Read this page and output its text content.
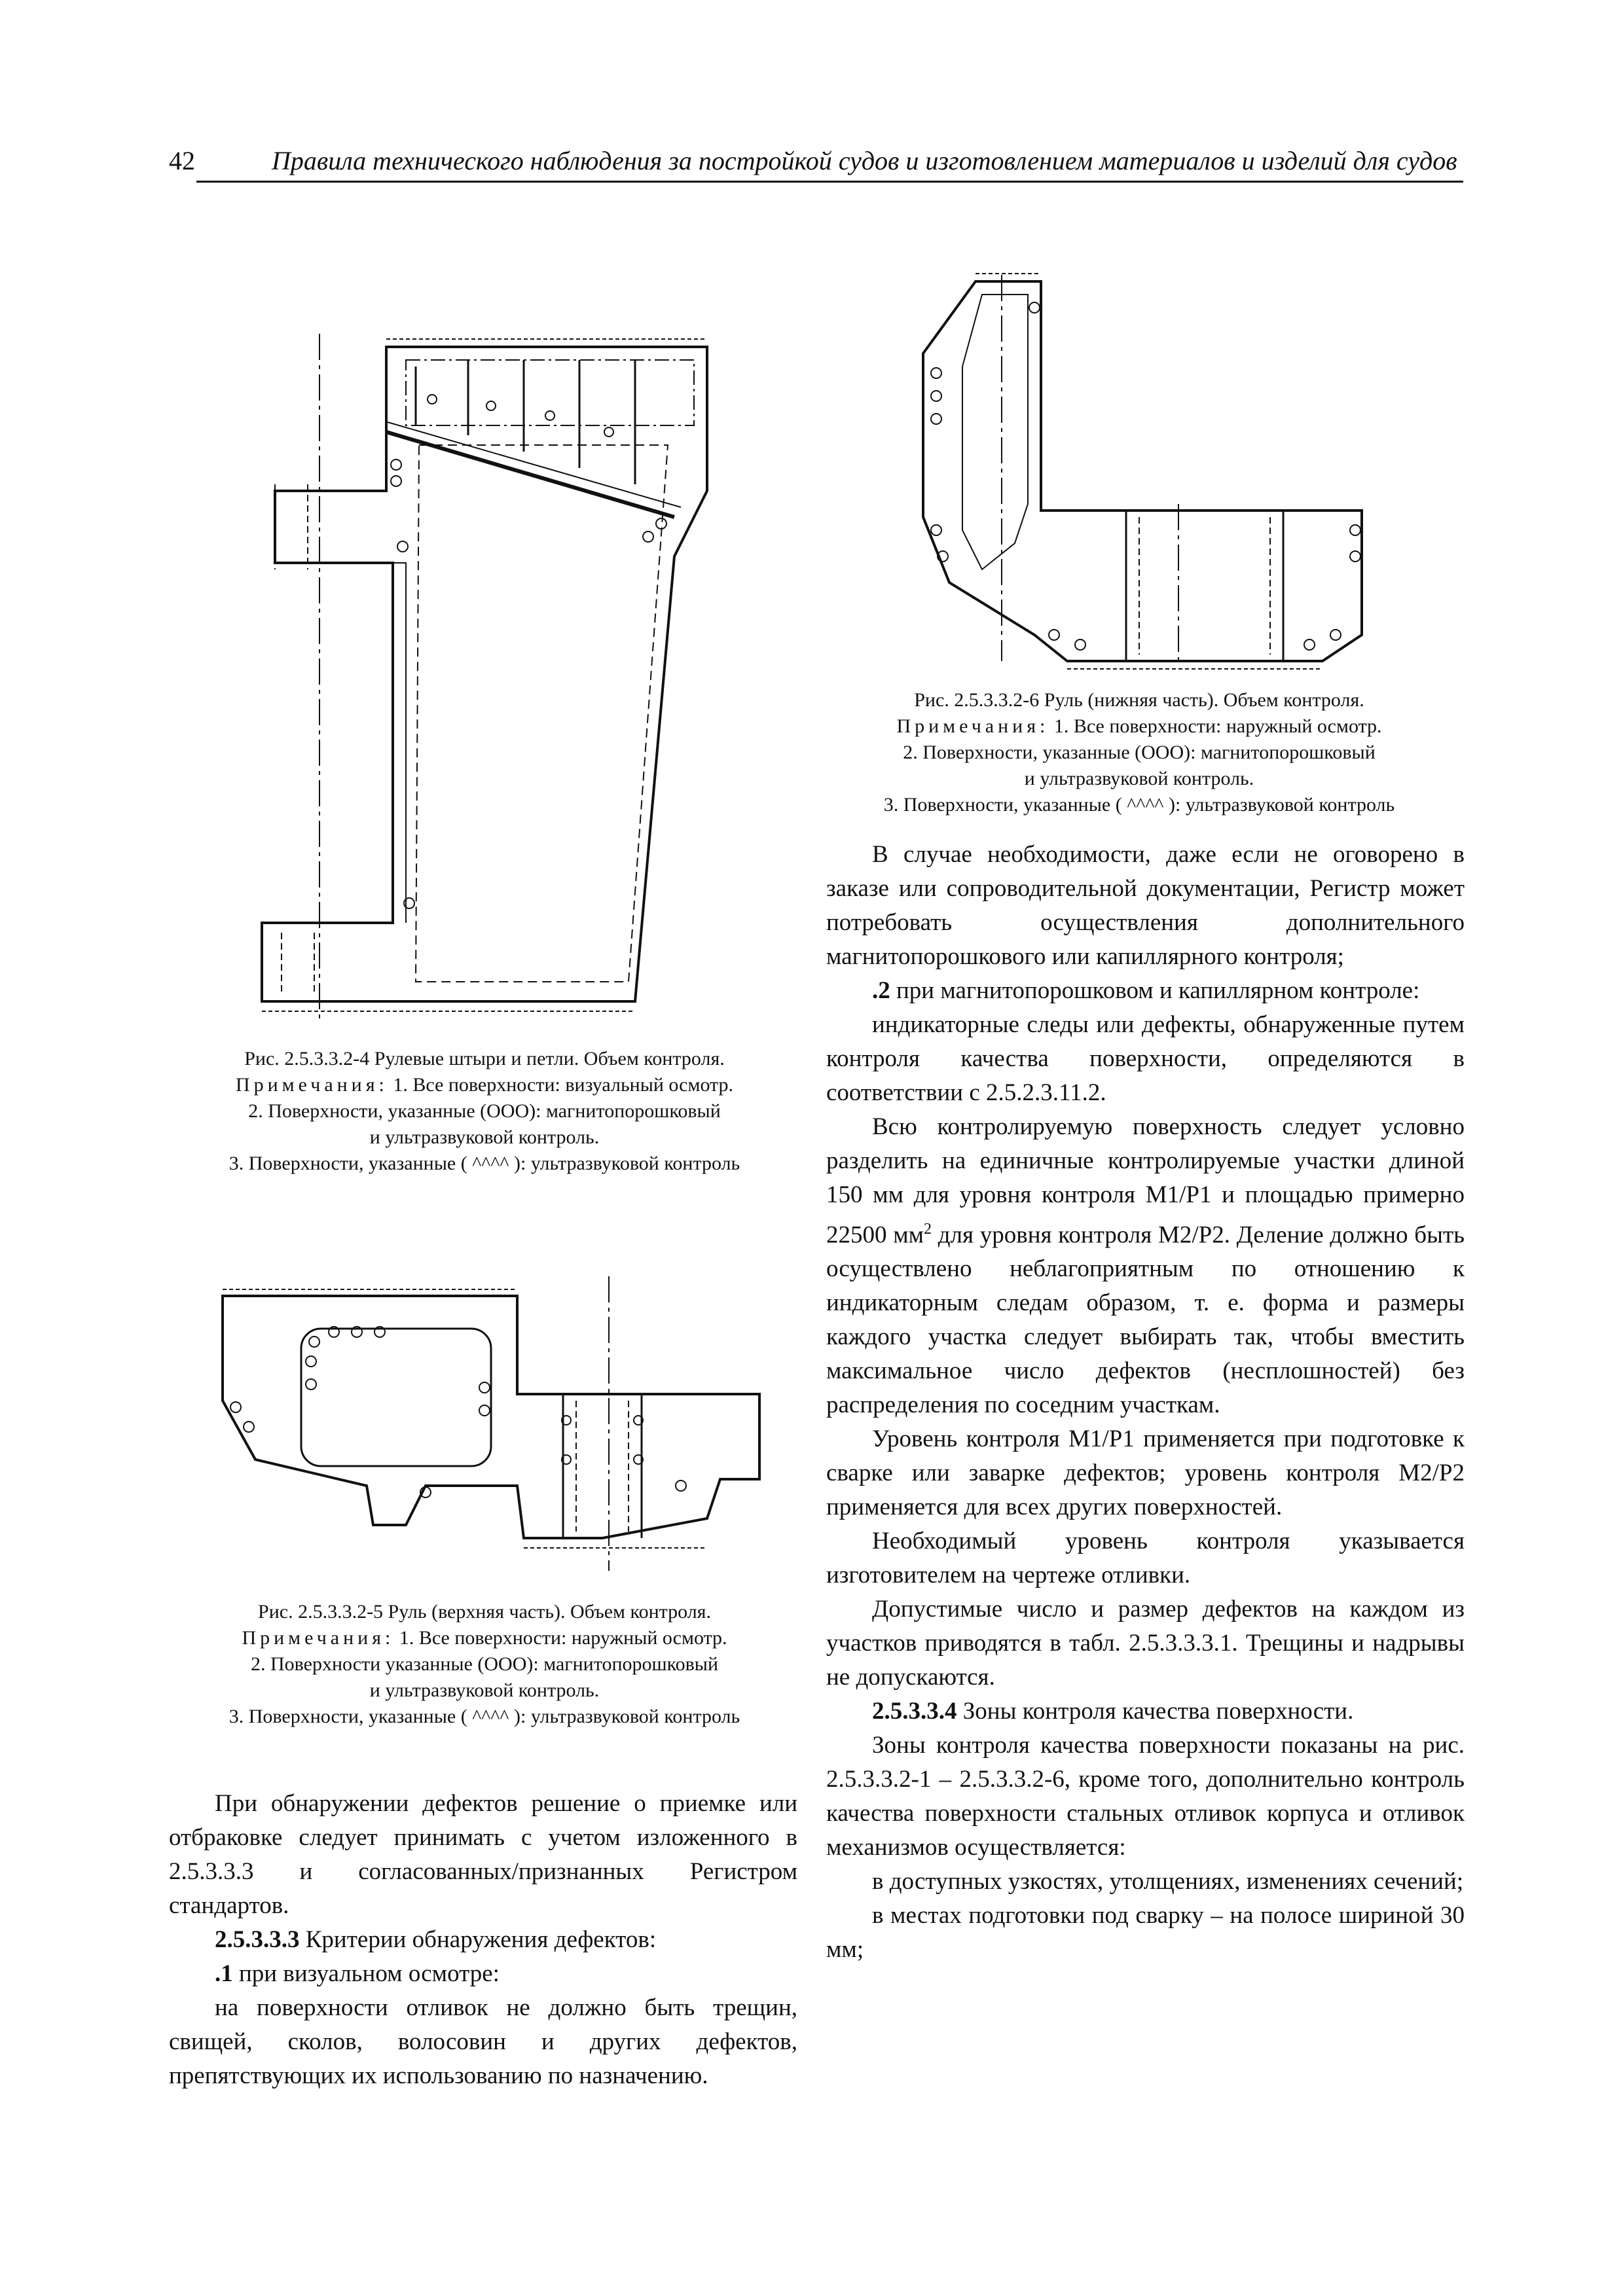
42	Правила технического наблюдения за постройкой судов и изготовлением материалов и изделий для судов
Рис. 2.5.3.3.2-4 Рулевые штыри и петли. Объем контроля.
Примечания: 1. Все поверхности: визуальный осмотр.
2. Поверхности, указанные (ООО): магнитопорошковый
и ультразвуковой контроль.
3. Поверхности, указанные ( ^^^^ ): ультразвуковой контроль
Рис. 2.5.3.3.2-5 Руль (верхняя часть). Объем контроля.
Примечания: 1. Все поверхности: наружный осмотр.
2. Поверхности указанные (ООО): магнитопорошковый
и ультразвуковой контроль.
3. Поверхности, указанные ( ^^^^ ): ультразвуковой контроль
Рис. 2.5.3.3.2-6 Руль (нижняя часть). Объем контроля.
Примечания: 1. Все поверхности: наружный осмотр.
2. Поверхности, указанные (ООО): магнитопорошковый
и ультразвуковой контроль.
3. Поверхности, указанные ( ^^^^ ): ультразвуковой контроль

При обнаружении дефектов решение о приемке или отбраковке следует принимать с учетом изложенного в 2.5.3.3.3 и согласованных/признанных Регистром стандартов.

2.5.3.3.3 Критерии обнаружения дефектов:

.1 при визуальном осмотре:

на поверхности отливок не должно быть трещин, свищей, сколов, волосовин и других дефектов, препятствующих их использованию по назначению.

В случае необходимости, даже если не оговорено в заказе или сопроводительной документации, Регистр может потребовать осуществления дополнительного магнитопорошкового или капиллярного контроля;

.2 при магнитопорошковом и капиллярном контроле:

индикаторные следы или дефекты, обнаруженные путем контроля качества поверхности, определяются в соответствии с 2.5.2.3.11.2.

Всю контролируемую поверхность следует условно разделить на единичные контролируемые участки длиной 150 мм для уровня контроля M1/P1 и площадью примерно 22500 $мм^2$ для уровня контроля M2/P2. Деление должно быть осуществлено неблагоприятным по отношению к индикаторным следам образом, т. е. форма и размеры каждого участка следует выбирать так, чтобы вместить максимальное число дефектов (несплошностей) без распределения по соседним участкам.

Уровень контроля M1/P1 применяется при подготовке к сварке или заварке дефектов; уровень контроля M2/P2 применяется для всех других поверхностей.

Необходимый уровень контроля указывается изготовителем на чертеже отливки.

Допустимые число и размер дефектов на каждом из участков приводятся в табл. 2.5.3.3.3.1. Трещины и надрывы не допускаются.

2.5.3.3.4 Зоны контроля качества поверхности.

Зоны контроля качества поверхности показаны на рис. 2.5.3.3.2-1 – 2.5.3.3.2-6, кроме того, дополнительно контроль качества поверхности стальных отливок корпуса и отливок механизмов осуществляется:

в доступных узкостях, утолщениях, изменениях сечений;

в местах подготовки под сварку – на полосе шириной 30 мм;
